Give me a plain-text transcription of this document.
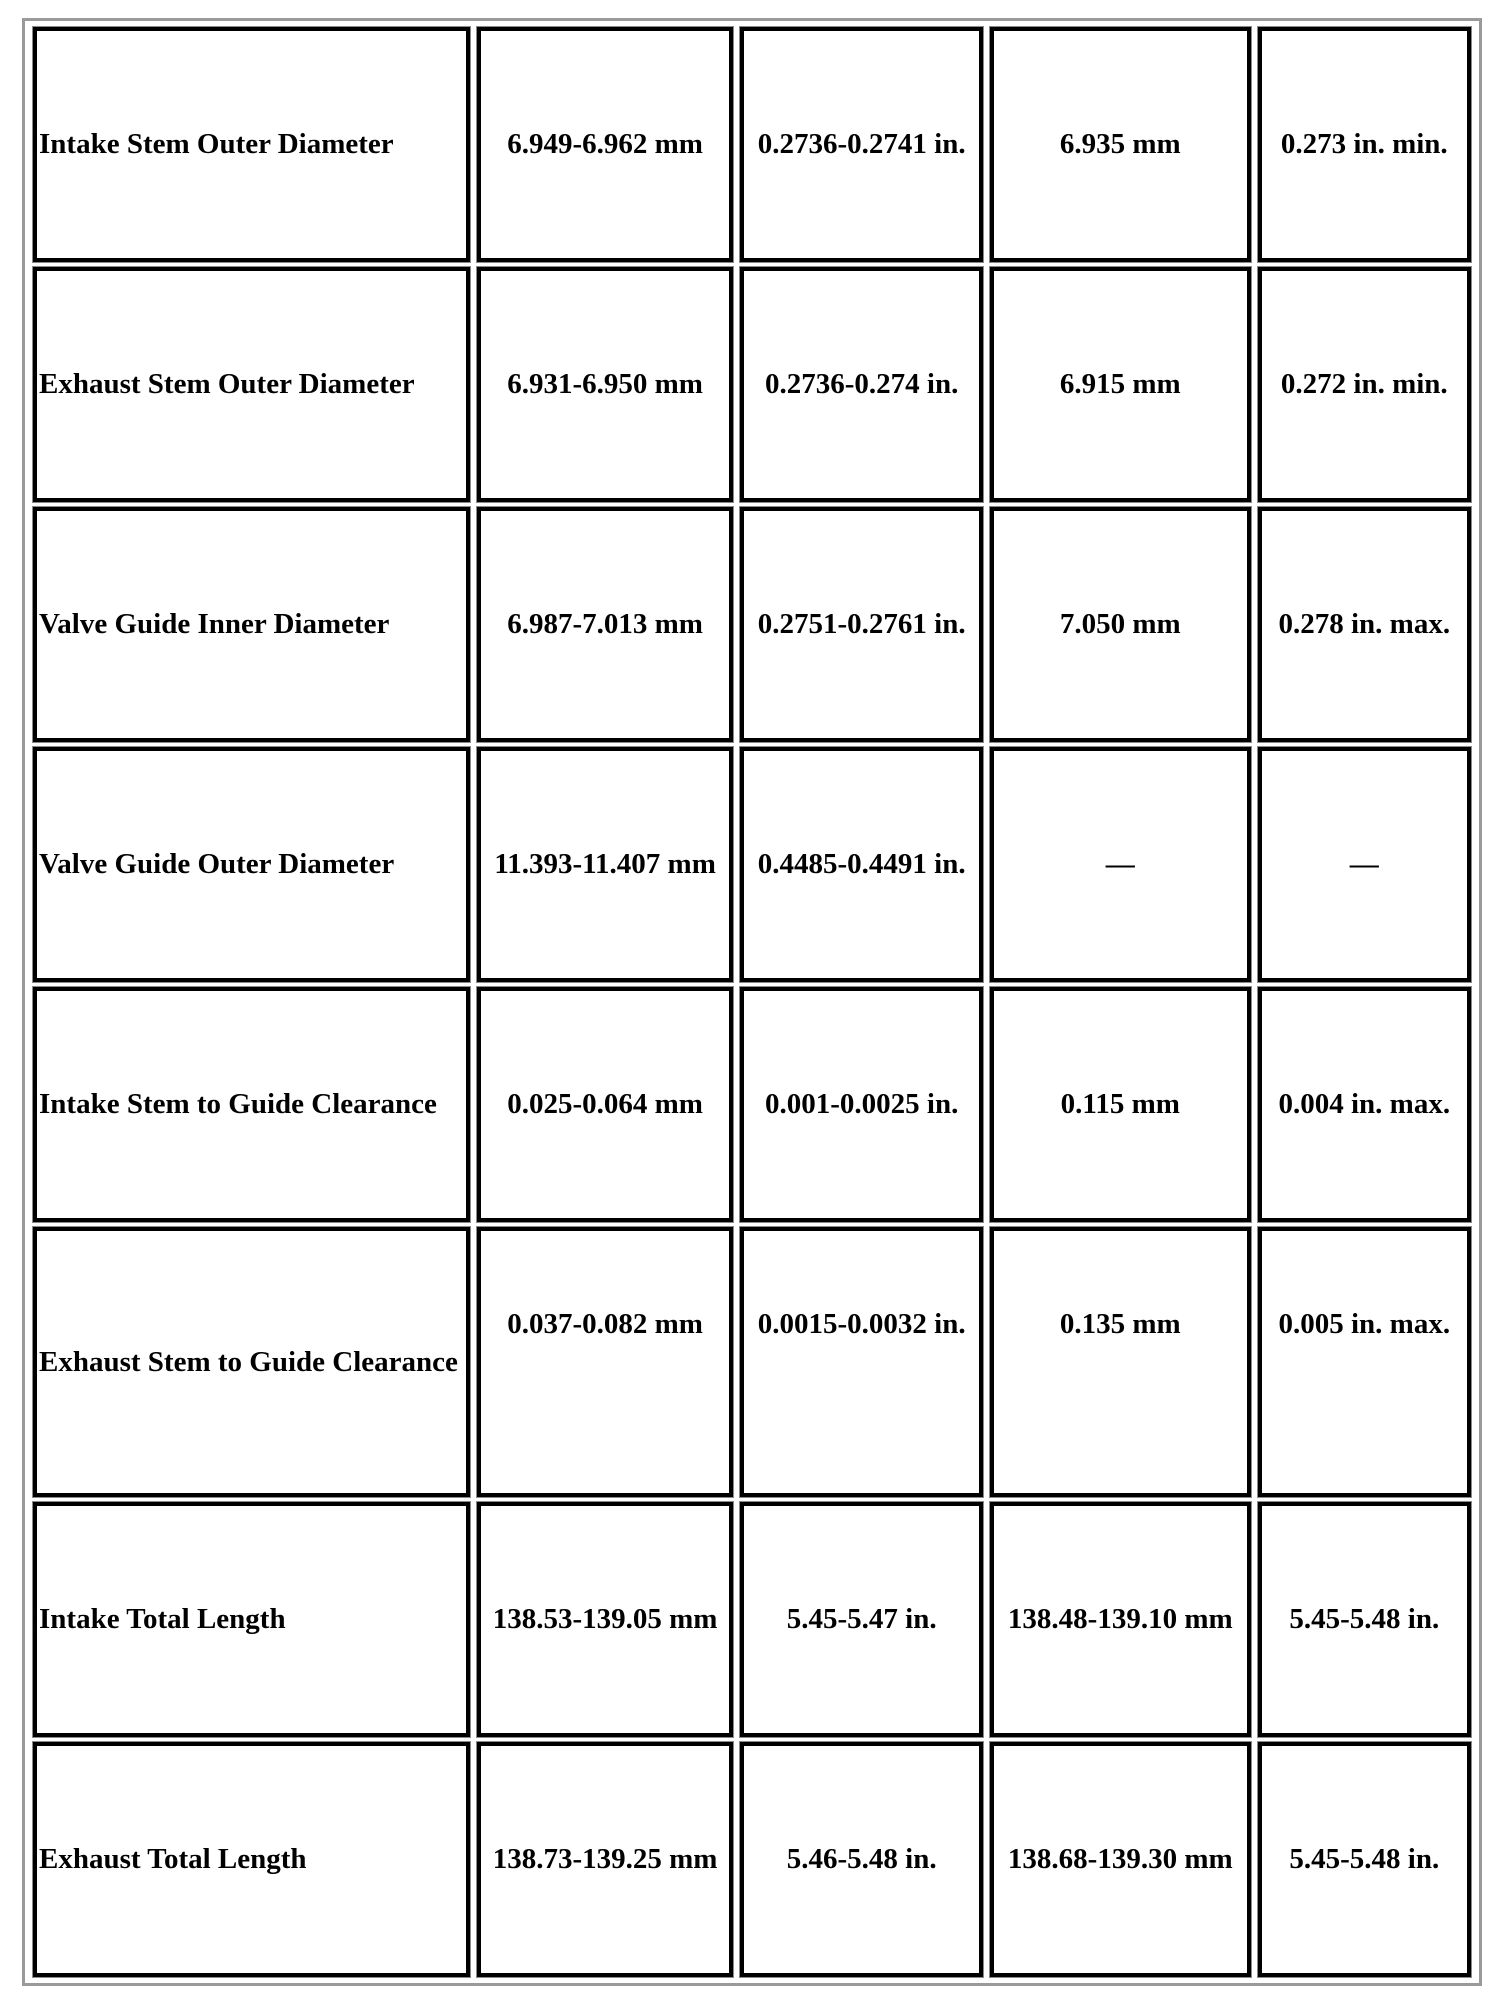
Intake Stem Outer Diameter	6.949-6.962 mm	0.2736-0.2741 in.	6.935 mm	0.273 in. min.
Exhaust Stem Outer Diameter	6.931-6.950 mm	0.2736-0.274 in.	6.915 mm	0.272 in. min.
Valve Guide Inner Diameter	6.987-7.013 mm	0.2751-0.2761 in.	7.050 mm	0.278 in. max.
Valve Guide Outer Diameter	11.393-11.407 mm	0.4485-0.4491 in.	—	—
Intake Stem to Guide Clearance	0.025-0.064 mm	0.001-0.0025 in.	0.115 mm	0.004 in. max.
Exhaust Stem to Guide Clearance	0.037-0.082 mm	0.0015-0.0032 in.	0.135 mm	0.005 in. max.
Intake Total Length	138.53-139.05 mm	5.45-5.47 in.	138.48-139.10 mm	5.45-5.48 in.
Exhaust Total Length	138.73-139.25 mm	5.46-5.48 in.	138.68-139.30 mm	5.45-5.48 in.
